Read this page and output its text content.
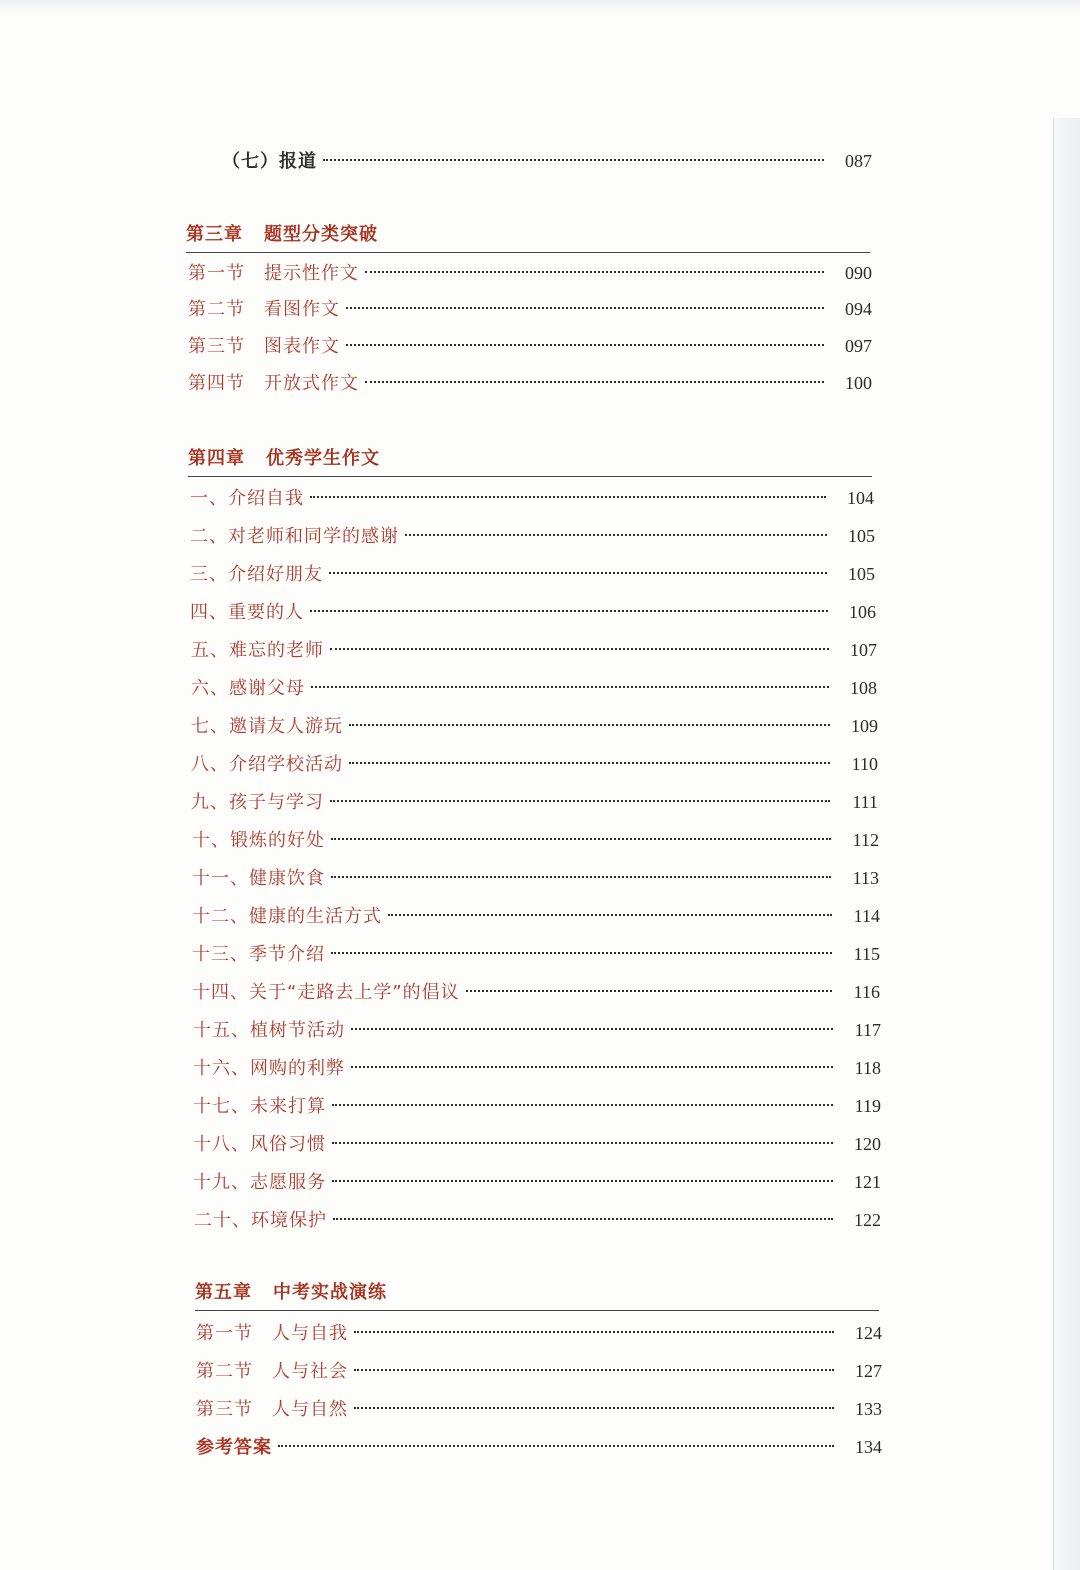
（七）报道	087
第三章 题型分类突破
第一节 提示性作文	090
第二节 看图作文	094
第三节 图表作文	097
第四节 开放式作文	100
第四章 优秀学生作文
一、介绍自我	104
二、对老师和同学的感谢	105
三、介绍好朋友	105
四、重要的人	106
五、难忘的老师	107
六、感谢父母	108
七、邀请友人游玩	109
八、介绍学校活动	110
九、孩子与学习	111
十、锻炼的好处	112
十一、健康饮食	113
十二、健康的生活方式	114
十三、季节介绍	115
十四、关于“走路去上学”的倡议	116
十五、植树节活动	117
十六、网购的利弊	118
十七、未来打算	119
十八、风俗习惯	120
十九、志愿服务	121
二十、环境保护	122
第五章 中考实战演练
第一节 人与自我	124
第二节 人与社会	127
第三节 人与自然	133
参考答案	134
